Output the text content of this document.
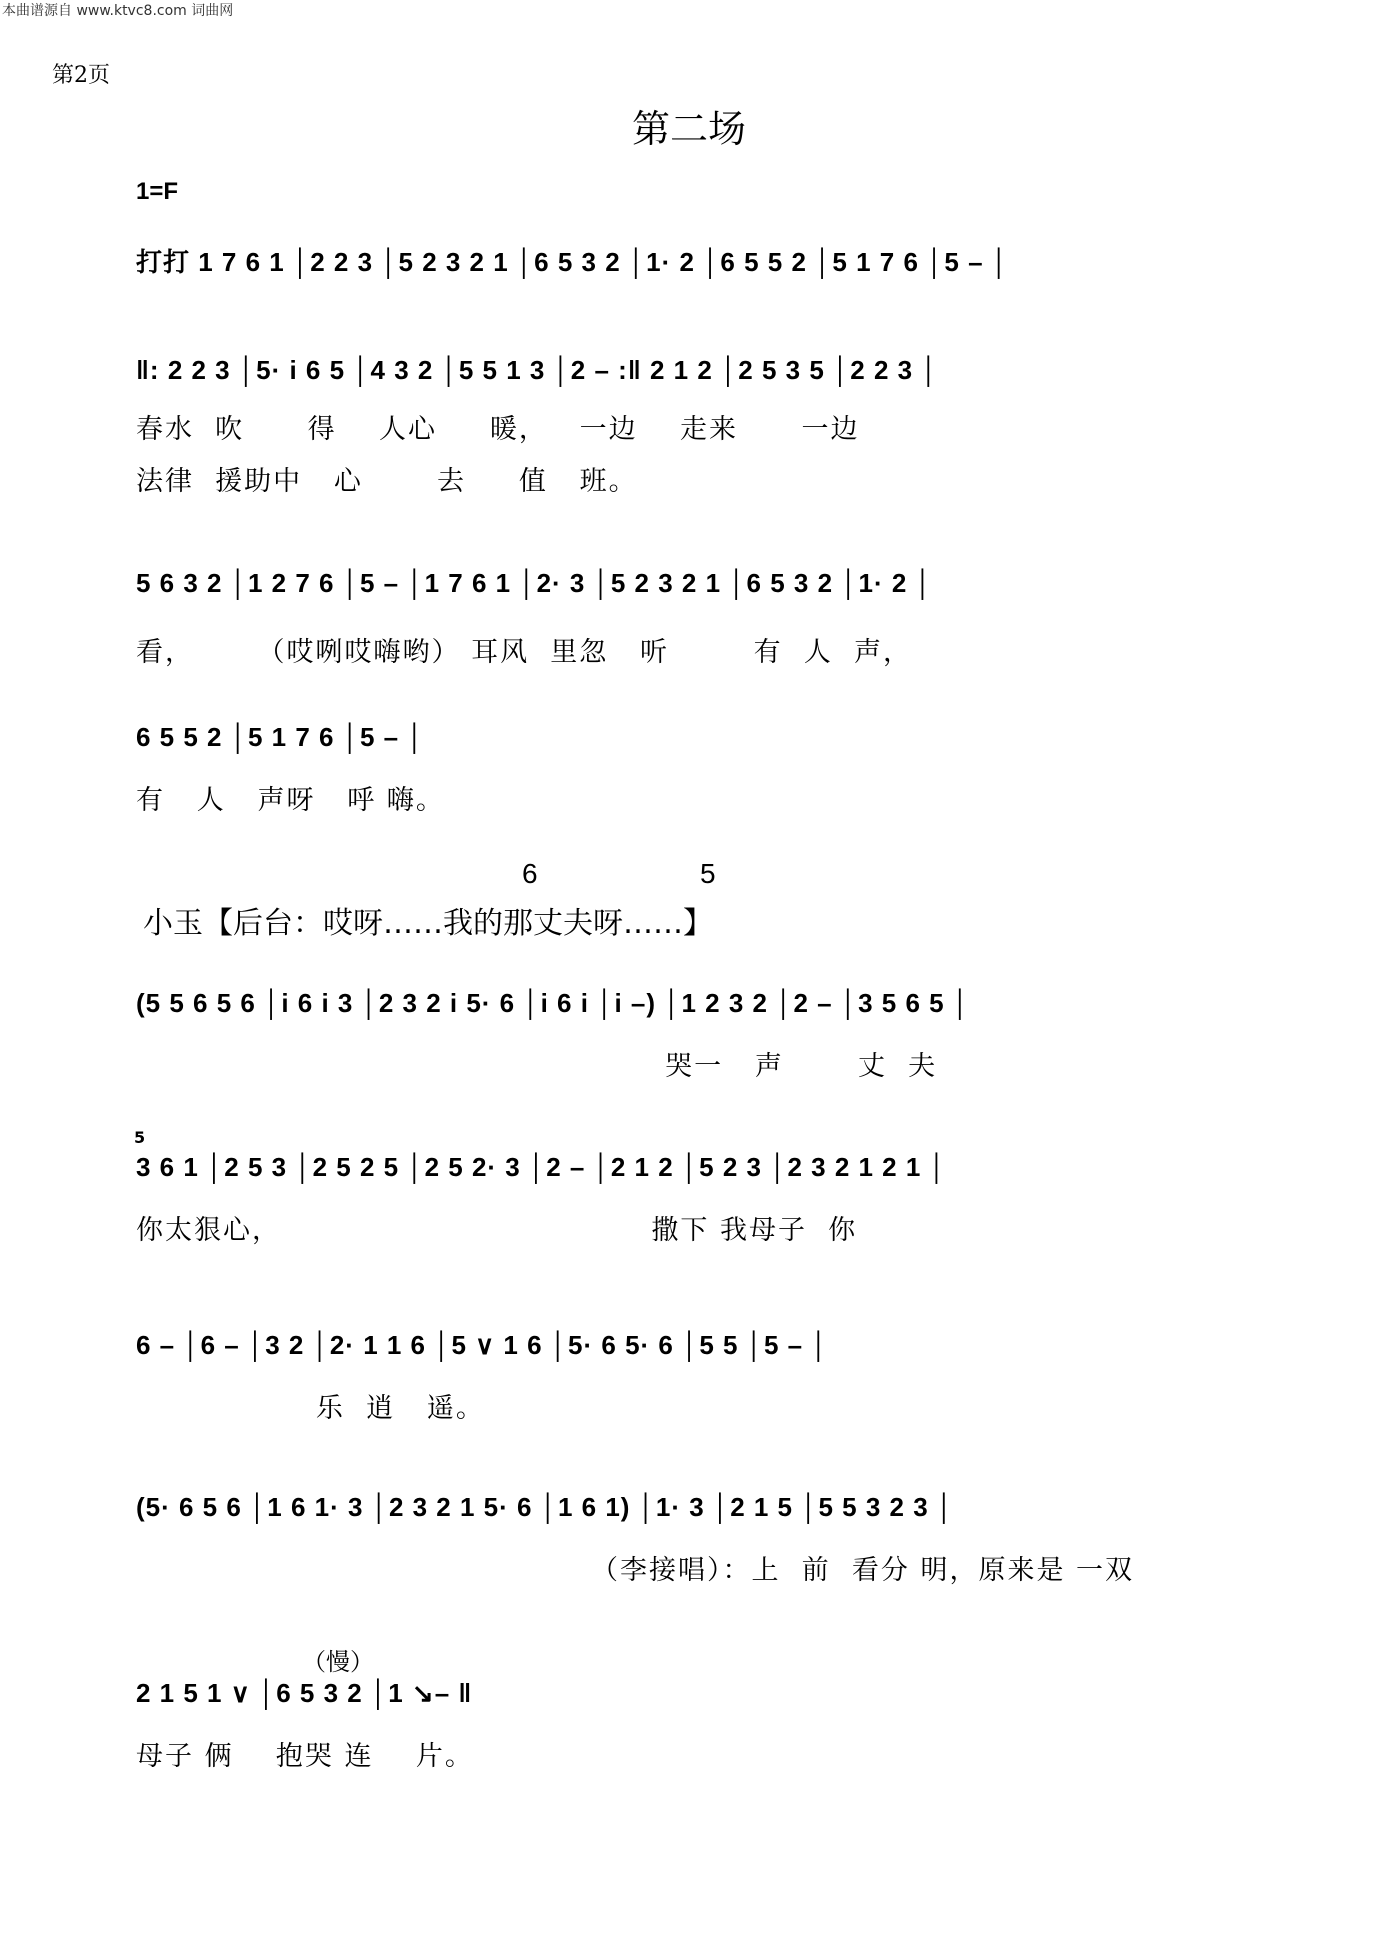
本曲谱源自 www.ktvc8.com 词曲网
第2页
第二场
1=F
打打 1 7 6 1 │2 2 3 │5 2 3 2 1 │6 5 3 2 │1· 2 │6 5 5 2 │5 1 7 6 │5 – │
‖: 2 2 3 │5· i 6 5 │4 3 2 │5 5 1 3 │2 – :‖ 2 1 2 │2 5 3 5 │2 2 3 │
春水  吹      得    人心     暖，   一边    走来      一边
法律  援助中   心       去     值   班。
5 6 3 2 │1 2 7 6 │5 – │1 7 6 1 │2· 3 │5 2 3 2 1 │6 5 3 2 │1· 2 │
看，      （哎咧哎嗨哟） 耳风  里忽   听        有  人  声，
6 5 5 2 │5 1 7 6 │5 – │
有   人   声呀   呼 嗨。
6	5
小玉【后台：哎呀……我的那丈夫呀……】
(5 5 6 5 6 │i 6 i 3 │2 3 2 i 5· 6 │i 6 i │i –) │1 2 3 2 │2 – │3 5 6 5 │
哭一   声       丈  夫
5
3 6 1 │2 5 3 │2 5 2 5 │2 5 2· 3 │2 – │2 1 2 │5 2 3 │2 3 2 1 2 1 │
你太狠心，                                   撒下 我母子  你
6 – │6 – │3 2 │2· 1 1 6 │5 ∨ 1 6 │5· 6 5· 6 │5 5 │5 – │
乐  逍   遥。
(5· 6 5 6 │1 6 1· 3 │2 3 2 1 5· 6 │1 6 1) │1· 3 │2 1 5 │5 5 3 2 3 │
（李接唱）：上  前  看分 明，原来是 一双
（慢）
2 1 5 1 ∨ │6 5 3 2 │1 ↘– ‖
母子 俩    抱哭 连    片。
